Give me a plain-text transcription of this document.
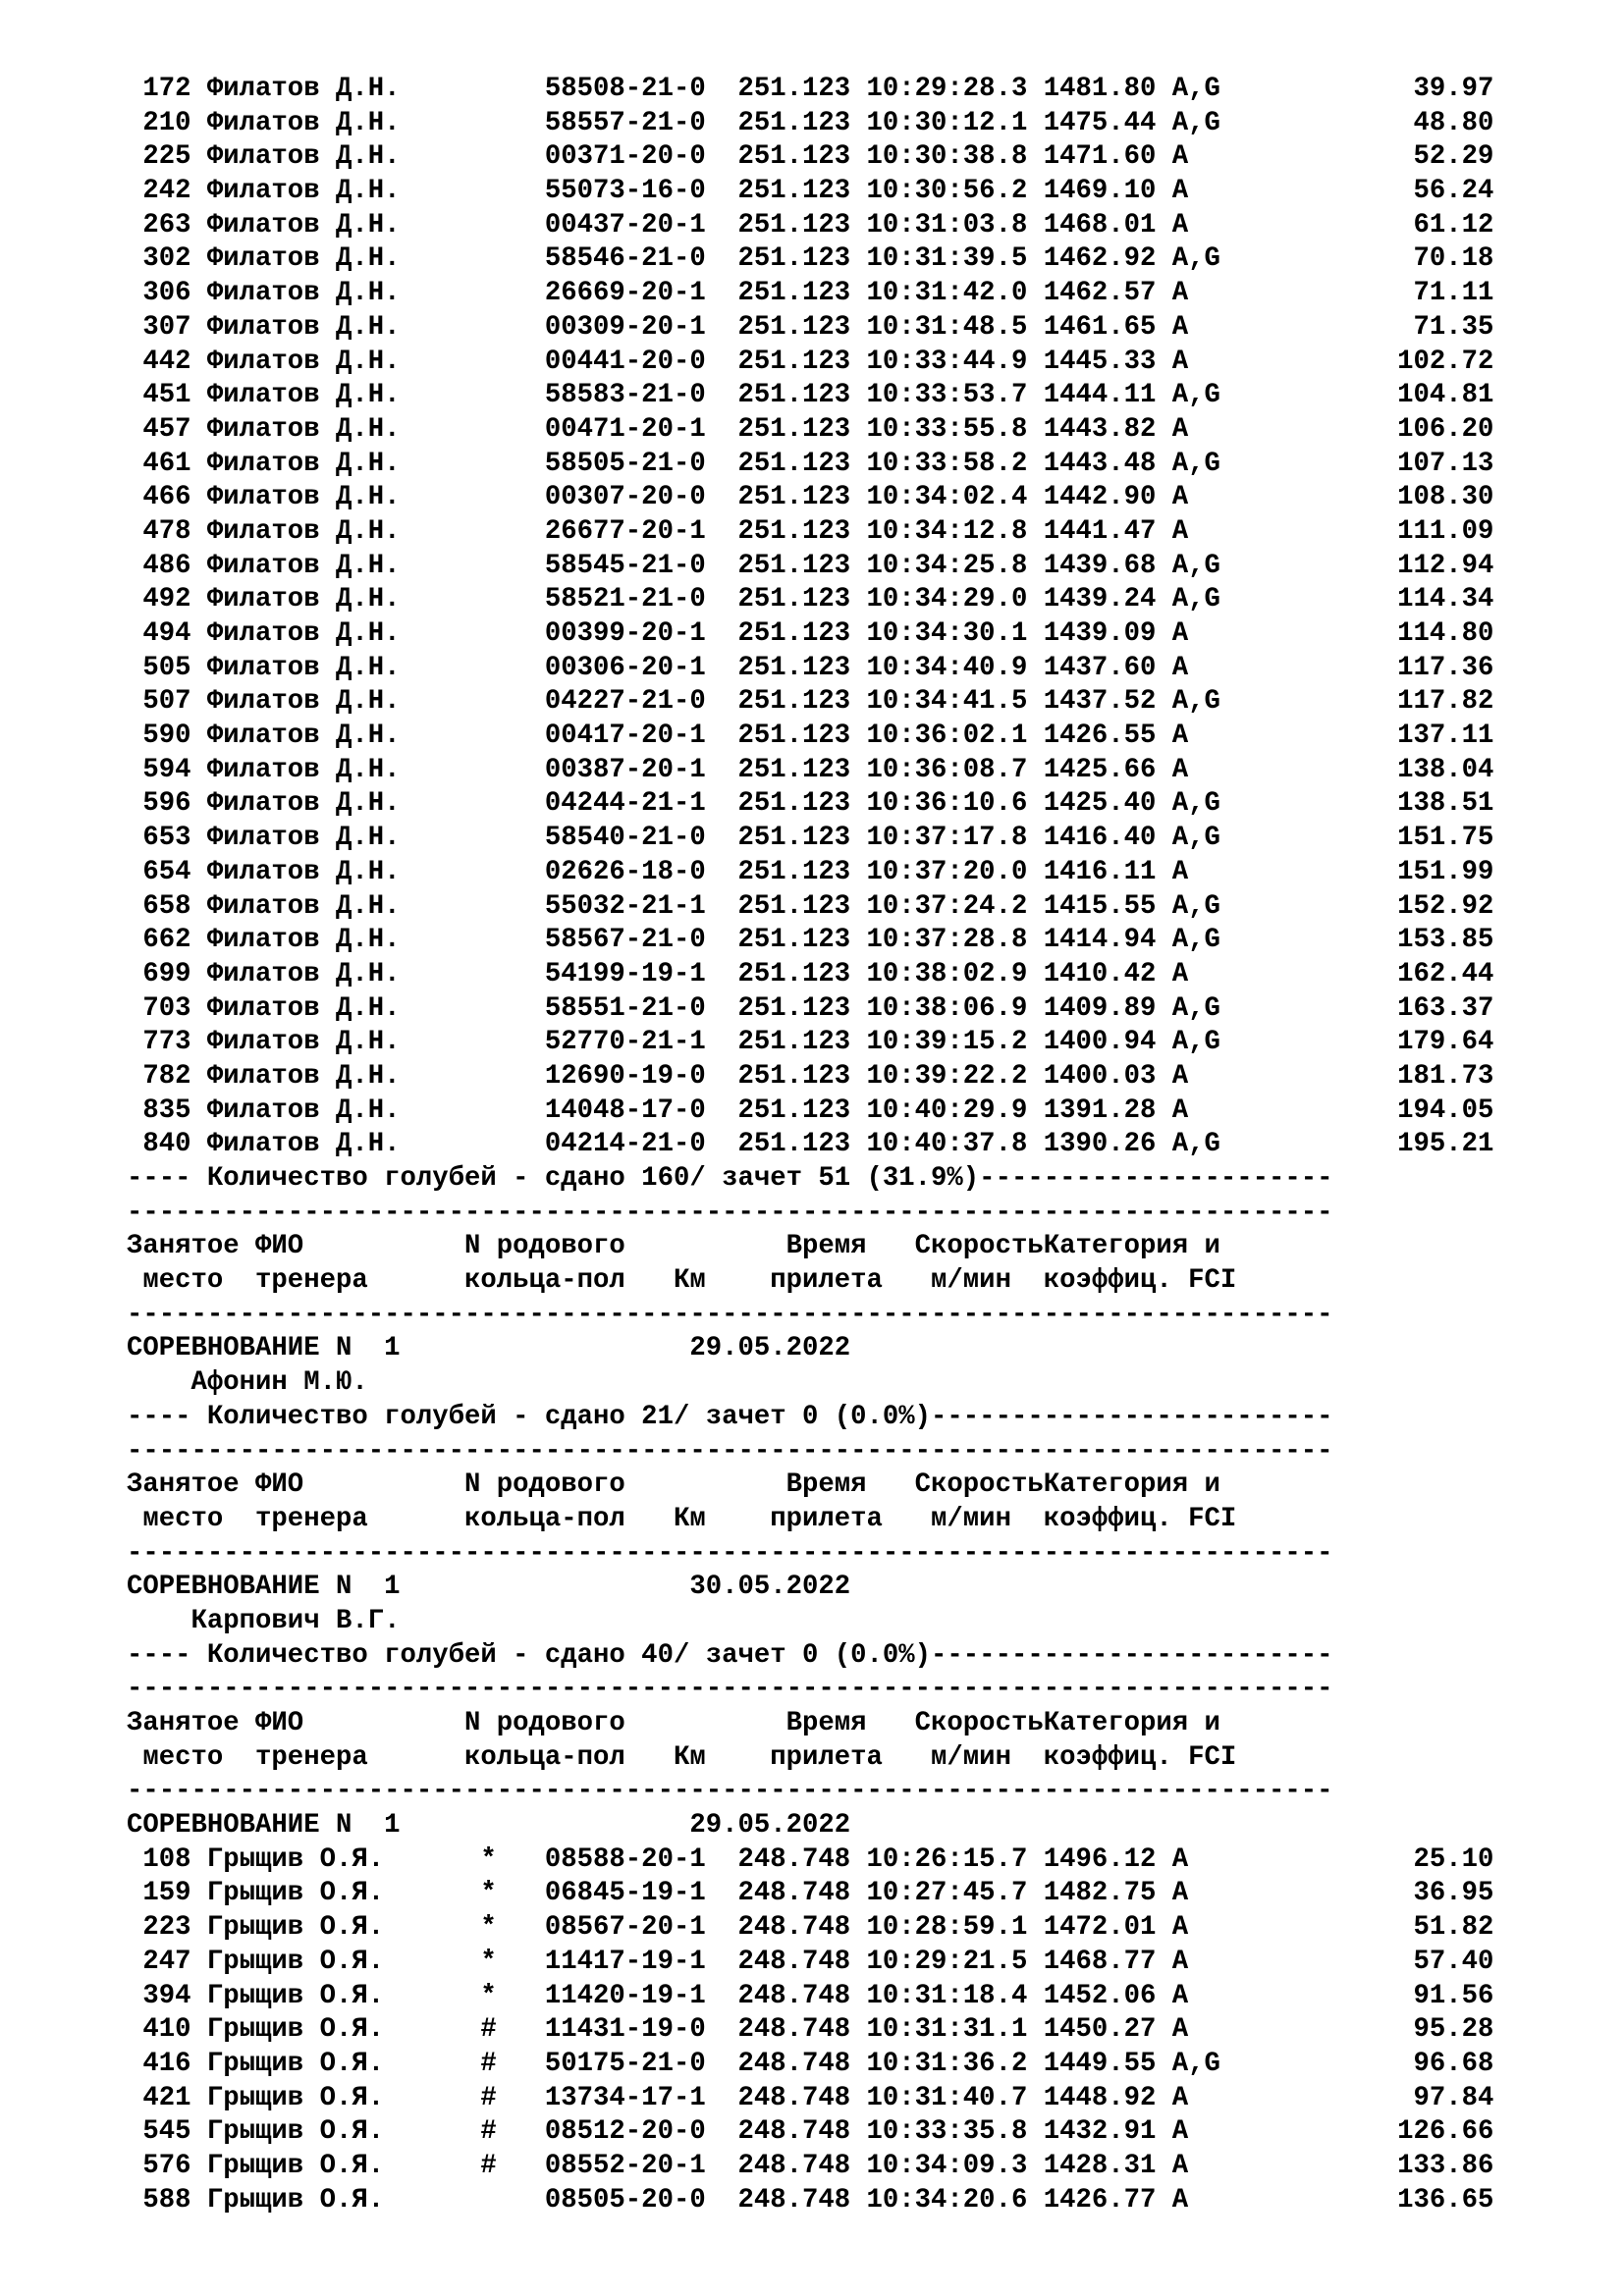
172 Филатов Д.Н.         58508-21-0  251.123 10:29:28.3 1481.80 A,G            39.97
210 Филатов Д.Н.         58557-21-0  251.123 10:30:12.1 1475.44 A,G            48.80
225 Филатов Д.Н.         00371-20-0  251.123 10:30:38.8 1471.60 A              52.29
242 Филатов Д.Н.         55073-16-0  251.123 10:30:56.2 1469.10 A              56.24
263 Филатов Д.Н.         00437-20-1  251.123 10:31:03.8 1468.01 A              61.12
302 Филатов Д.Н.         58546-21-0  251.123 10:31:39.5 1462.92 A,G            70.18
306 Филатов Д.Н.         26669-20-1  251.123 10:31:42.0 1462.57 A              71.11
307 Филатов Д.Н.         00309-20-1  251.123 10:31:48.5 1461.65 A              71.35
442 Филатов Д.Н.         00441-20-0  251.123 10:33:44.9 1445.33 A             102.72
451 Филатов Д.Н.         58583-21-0  251.123 10:33:53.7 1444.11 A,G           104.81
457 Филатов Д.Н.         00471-20-1  251.123 10:33:55.8 1443.82 A             106.20
461 Филатов Д.Н.         58505-21-0  251.123 10:33:58.2 1443.48 A,G           107.13
466 Филатов Д.Н.         00307-20-0  251.123 10:34:02.4 1442.90 A             108.30
478 Филатов Д.Н.         26677-20-1  251.123 10:34:12.8 1441.47 A             111.09
486 Филатов Д.Н.         58545-21-0  251.123 10:34:25.8 1439.68 A,G           112.94
492 Филатов Д.Н.         58521-21-0  251.123 10:34:29.0 1439.24 A,G           114.34
494 Филатов Д.Н.         00399-20-1  251.123 10:34:30.1 1439.09 A             114.80
505 Филатов Д.Н.         00306-20-1  251.123 10:34:40.9 1437.60 A             117.36
507 Филатов Д.Н.         04227-21-0  251.123 10:34:41.5 1437.52 A,G           117.82
590 Филатов Д.Н.         00417-20-1  251.123 10:36:02.1 1426.55 A             137.11
594 Филатов Д.Н.         00387-20-1  251.123 10:36:08.7 1425.66 A             138.04
596 Филатов Д.Н.         04244-21-1  251.123 10:36:10.6 1425.40 A,G           138.51
653 Филатов Д.Н.         58540-21-0  251.123 10:37:17.8 1416.40 A,G           151.75
654 Филатов Д.Н.         02626-18-0  251.123 10:37:20.0 1416.11 A             151.99
658 Филатов Д.Н.         55032-21-1  251.123 10:37:24.2 1415.55 A,G           152.92
662 Филатов Д.Н.         58567-21-0  251.123 10:37:28.8 1414.94 A,G           153.85
699 Филатов Д.Н.         54199-19-1  251.123 10:38:02.9 1410.42 A             162.44
703 Филатов Д.Н.         58551-21-0  251.123 10:38:06.9 1409.89 A,G           163.37
773 Филатов Д.Н.         52770-21-1  251.123 10:39:15.2 1400.94 A,G           179.64
782 Филатов Д.Н.         12690-19-0  251.123 10:39:22.2 1400.03 A             181.73
835 Филатов Д.Н.         14048-17-0  251.123 10:40:29.9 1391.28 A             194.05
840 Филатов Д.Н.         04214-21-0  251.123 10:40:37.8 1390.26 A,G           195.21
---- Количество голубей - сдано 160/ зачет 51 (31.9%)----------------------
---------------------------------------------------------------------------
Занятое ФИО          N родового          Время   СкоростьКатегория и
место  тренера      кольца-пол   Км    прилета   м/мин  коэффиц. FCI
---------------------------------------------------------------------------
СОРЕВНОВАНИЕ N  1                  29.05.2022
Афонин М.Ю.
---- Количество голубей - сдано 21/ зачет 0 (0.0%)-------------------------
---------------------------------------------------------------------------
Занятое ФИО          N родового          Время   СкоростьКатегория и
место  тренера      кольца-пол   Км    прилета   м/мин  коэффиц. FCI
---------------------------------------------------------------------------
СОРЕВНОВАНИЕ N  1                  30.05.2022
Карпович В.Г.
---- Количество голубей - сдано 40/ зачет 0 (0.0%)-------------------------
---------------------------------------------------------------------------
Занятое ФИО          N родового          Время   СкоростьКатегория и
место  тренера      кольца-пол   Км    прилета   м/мин  коэффиц. FCI
---------------------------------------------------------------------------
СОРЕВНОВАНИЕ N  1                  29.05.2022
108 Грыщив О.Я.      *   08588-20-1  248.748 10:26:15.7 1496.12 A              25.10
159 Грыщив О.Я.      *   06845-19-1  248.748 10:27:45.7 1482.75 A              36.95
223 Грыщив О.Я.      *   08567-20-1  248.748 10:28:59.1 1472.01 A              51.82
247 Грыщив О.Я.      *   11417-19-1  248.748 10:29:21.5 1468.77 A              57.40
394 Грыщив О.Я.      *   11420-19-1  248.748 10:31:18.4 1452.06 A              91.56
410 Грыщив О.Я.      #   11431-19-0  248.748 10:31:31.1 1450.27 A              95.28
416 Грыщив О.Я.      #   50175-21-0  248.748 10:31:36.2 1449.55 A,G            96.68
421 Грыщив О.Я.      #   13734-17-1  248.748 10:31:40.7 1448.92 A              97.84
545 Грыщив О.Я.      #   08512-20-0  248.748 10:33:35.8 1432.91 A             126.66
576 Грыщив О.Я.      #   08552-20-1  248.748 10:34:09.3 1428.31 A             133.86
588 Грыщив О.Я.          08505-20-0  248.748 10:34:20.6 1426.77 A             136.65
